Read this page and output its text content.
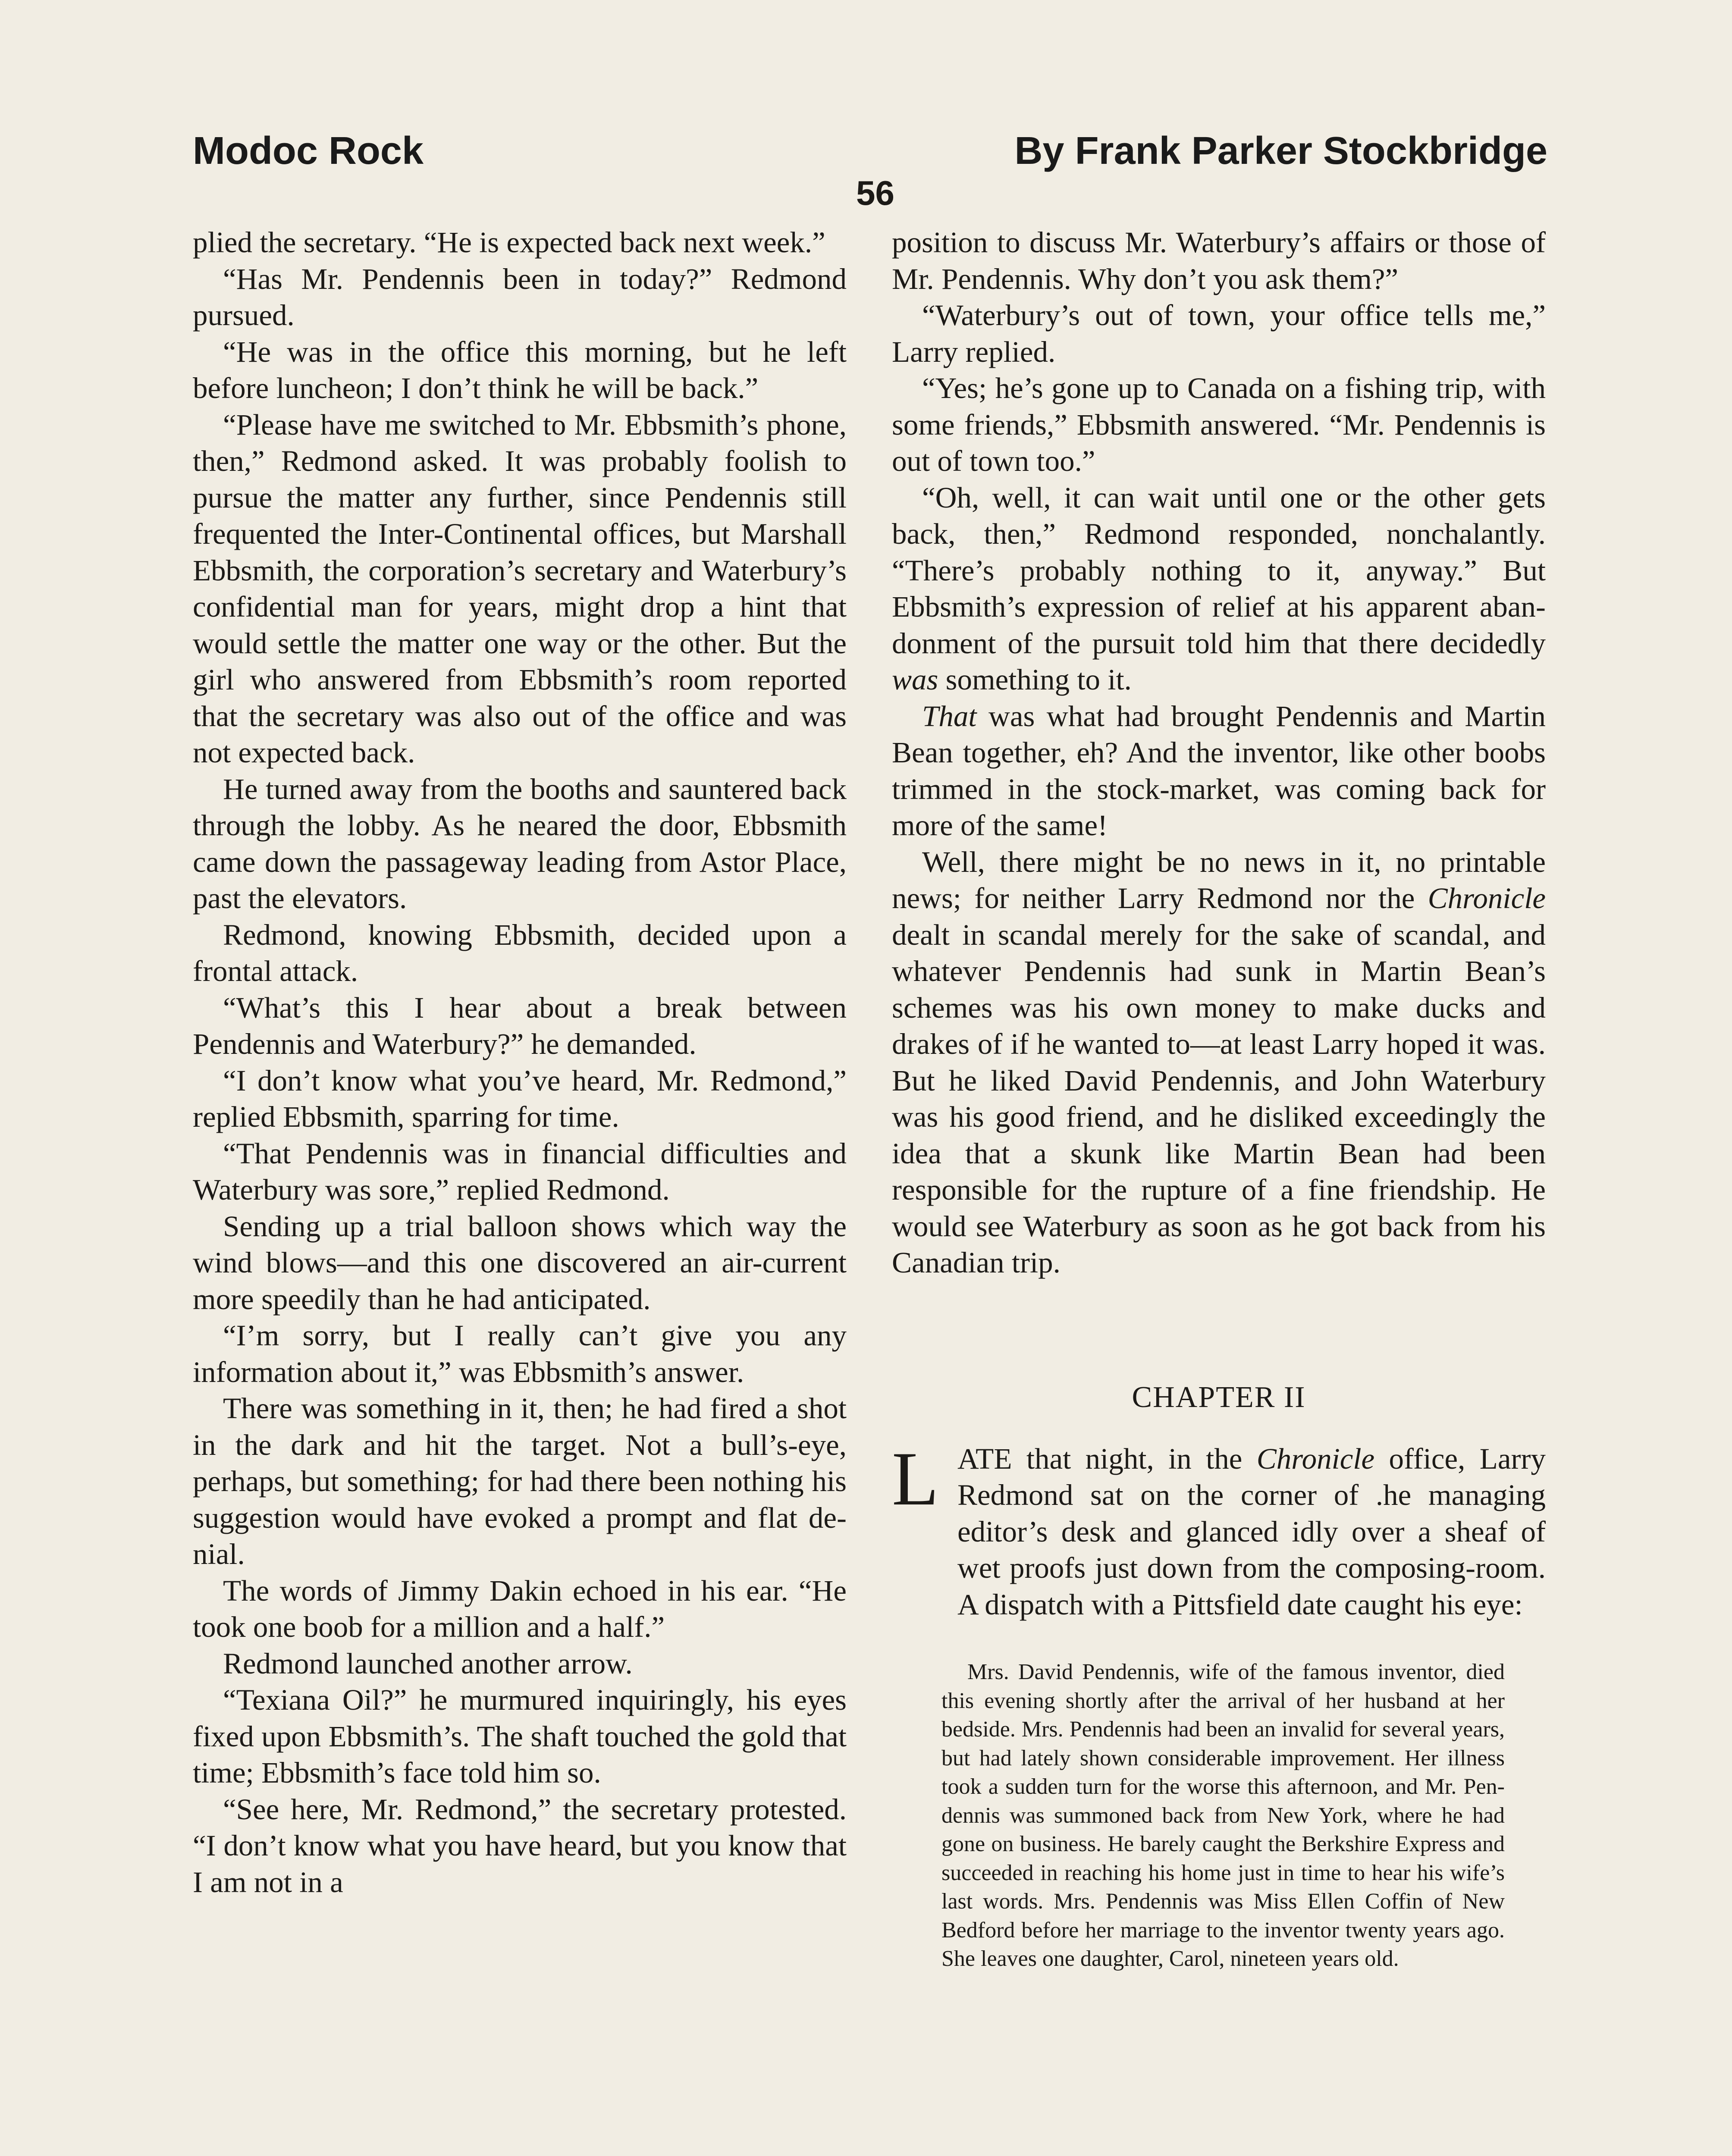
Modoc Rock	By Frank Parker Stockbridge
56

plied the secretary. “He is expected back next week.”

“Has Mr. Pendennis been in today?” Redmond pursued.

“He was in the office this morning, but he left before luncheon; I don’t think he will be back.”

“Please have me switched to Mr. Ebbsmith’s phone, then,” Redmond asked. It was probably foolish to pursue the matter any further, since Pendennis still frequented the Inter-Continental offices, but Marshall Ebbsmith, the corporation’s secretary and Waterbury’s confidential man for years, might drop a hint that would settle the matter one way or the other. But the girl who answered from Ebbsmith’s room reported that the secretary was also out of the office and was not expected back.

He turned away from the booths and sauntered back through the lobby. As he neared the door, Ebbsmith came down the passageway leading from Astor Place, past the elevators.

Redmond, knowing Ebbsmith, decided upon a frontal attack.

“What’s this I hear about a break between Pendennis and Waterbury?” he demanded.

“I don’t know what you’ve heard, Mr. Redmond,” replied Ebbsmith, sparring for time.

“That Pendennis was in financial difficulties and Waterbury was sore,” replied Redmond.

Sending up a trial balloon shows which way the wind blows—and this one discovered an air-current more speedily than he had anticipated.

“I’m sorry, but I really can’t give you any information about it,” was Ebbsmith’s answer.

There was something in it, then; he had fired a shot in the dark and hit the target. Not a bull’s-eye, perhaps, but something; for had there been nothing his suggestion would have evoked a prompt and flat denial.

The words of Jimmy Dakin echoed in his ear. “He took one boob for a million and a half.”

Redmond launched another arrow.

“Texiana Oil?” he murmured inquiringly, his eyes fixed upon Ebbsmith’s. The shaft touched the gold that time; Ebbsmith’s face told him so.

“See here, Mr. Redmond,” the secretary protested. “I don’t know what you have heard, but you know that I am not in a

position to discuss Mr. Waterbury’s affairs or those of Mr. Pendennis. Why don’t you ask them?”

“Waterbury’s out of town, your office tells me,” Larry replied.

“Yes; he’s gone up to Canada on a fishing trip, with some friends,” Ebbsmith answered. “Mr. Pendennis is out of town too.”

“Oh, well, it can wait until one or the other gets back, then,” Redmond responded, nonchalantly. “There’s probably nothing to it, anyway.” But Ebbsmith’s expression of relief at his apparent abandonment of the pursuit told him that there decidedly was something to it.

That was what had brought Pendennis and Martin Bean together, eh? And the inventor, like other boobs trimmed in the stock-market, was coming back for more of the same!

Well, there might be no news in it, no printable news; for neither Larry Redmond nor the Chronicle dealt in scandal merely for the sake of scandal, and whatever Pendennis had sunk in Martin Bean’s schemes was his own money to make ducks and drakes of if he wanted to—at least Larry hoped it was. But he liked David Pendennis, and John Waterbury was his good friend, and he disliked exceedingly the idea that a skunk like Martin Bean had been responsible for the rupture of a fine friendship. He would see Waterbury as soon as he got back from his Canadian trip.

CHAPTER II
L ATE that night, in the Chronicle office, Larry Redmond sat on the corner of .he managing editor’s desk and glanced idly over a sheaf of wet proofs just down from the composing-room. A dispatch with a Pittsfield date caught his eye:

Mrs. David Pendennis, wife of the famous inventor, died this evening shortly after the arrival of her husband at her bedside. Mrs. Pendennis had been an invalid for several years, but had lately shown considerable improvement. Her illness took a sudden turn for the worse this afternoon, and Mr. Pendennis was summoned back from New York, where he had gone on business. He barely caught the Berkshire Express and succeeded in reaching his home just in time to hear his wife’s last words. Mrs. Pendennis was Miss Ellen Coffin of New Bedford before her marriage to the inventor twenty years ago. She leaves one daughter, Carol, nineteen years old.
